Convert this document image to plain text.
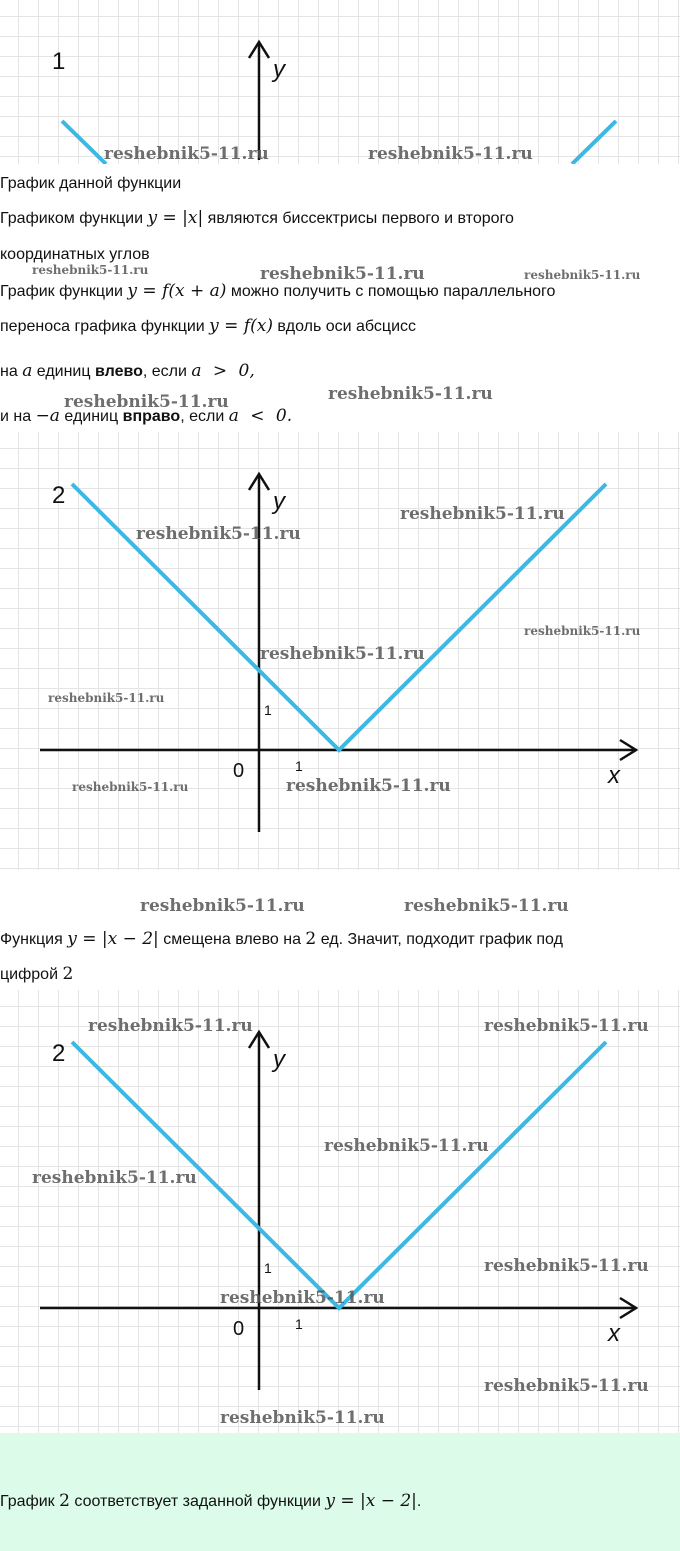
1	y
График данной функции
Графиком функции y = |x| являются биссектрисы первого и второго
координатных углов
График функции y = f(x + a) можно получить с помощью параллельного
переноса графика функции y = f(x) вдоль оси абсцисс
на a единиц влево, если a > 0,
и на −a единиц вправо, если a < 0.
2	y
x
0	1
1
Функция y = |x − 2| смещена влево на 2 ед. Значит, подходит график под
цифрой 2
2	y
x
0	1
1
График 2 соответствует заданной функции y = |x − 2|.
reshebnik5-11.ru	reshebnik5-11.ru
reshebnik5-11.ru	reshebnik5-11.ru	reshebnik5-11.ru
reshebnik5-11.ru
reshebnik5-11.ru
reshebnik5-11.ru
reshebnik5-11.ru
reshebnik5-11.ru
reshebnik5-11.ru
reshebnik5-11.ru
reshebnik5-11.ru	reshebnik5-11.ru
reshebnik5-11.ru	reshebnik5-11.ru
reshebnik5-11.ru	reshebnik5-11.ru
reshebnik5-11.ru
reshebnik5-11.ru
reshebnik5-11.ru
reshebnik5-11.ru
reshebnik5-11.ru
reshebnik5-11.ru
